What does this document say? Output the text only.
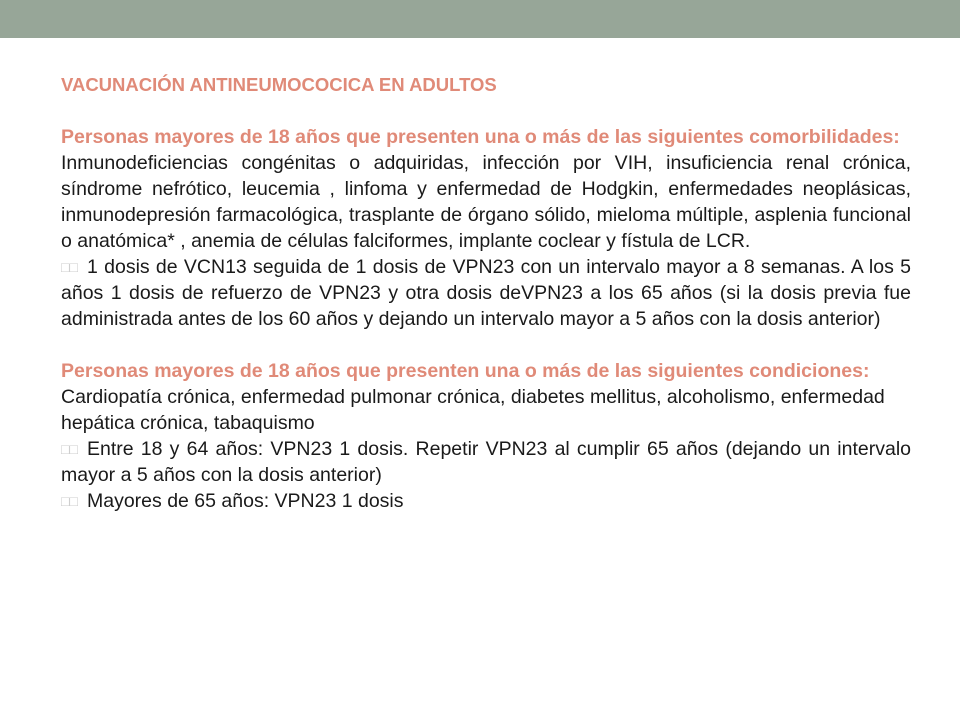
VACUNACIÓN ANTINEUMOCOCICA EN ADULTOS

Personas mayores de 18 años que presenten una o más de las siguientes comorbilidades:

Inmunodeficiencias congénitas o adquiridas, infección por VIH, insuficiencia renal crónica, síndrome nefrótico, leucemia , linfoma y enfermedad de Hodgkin, enfermedades neoplásicas, inmunodepresión farmacológica, trasplante de órgano sólido, mieloma múltiple, asplenia funcional o anatómica* , anemia de células falciformes, implante coclear y fístula de LCR.

□□ 1 dosis de VCN13 seguida de 1 dosis de VPN23 con un intervalo mayor a 8 semanas. A los 5 años 1 dosis de refuerzo de VPN23 y otra dosis deVPN23 a los 65 años (si la dosis previa fue administrada antes de los 60 años y dejando un intervalo mayor a 5 años con la dosis anterior)

Personas mayores de 18 años que presenten una o más de las siguientes condiciones:

Cardiopatía crónica, enfermedad pulmonar crónica, diabetes mellitus, alcoholismo, enfermedad hepática crónica, tabaquismo

□□ Entre 18 y 64 años: VPN23 1 dosis. Repetir VPN23 al cumplir 65 años (dejando un intervalo mayor a 5 años con la dosis anterior)

□□ Mayores de 65 años: VPN23 1 dosis
